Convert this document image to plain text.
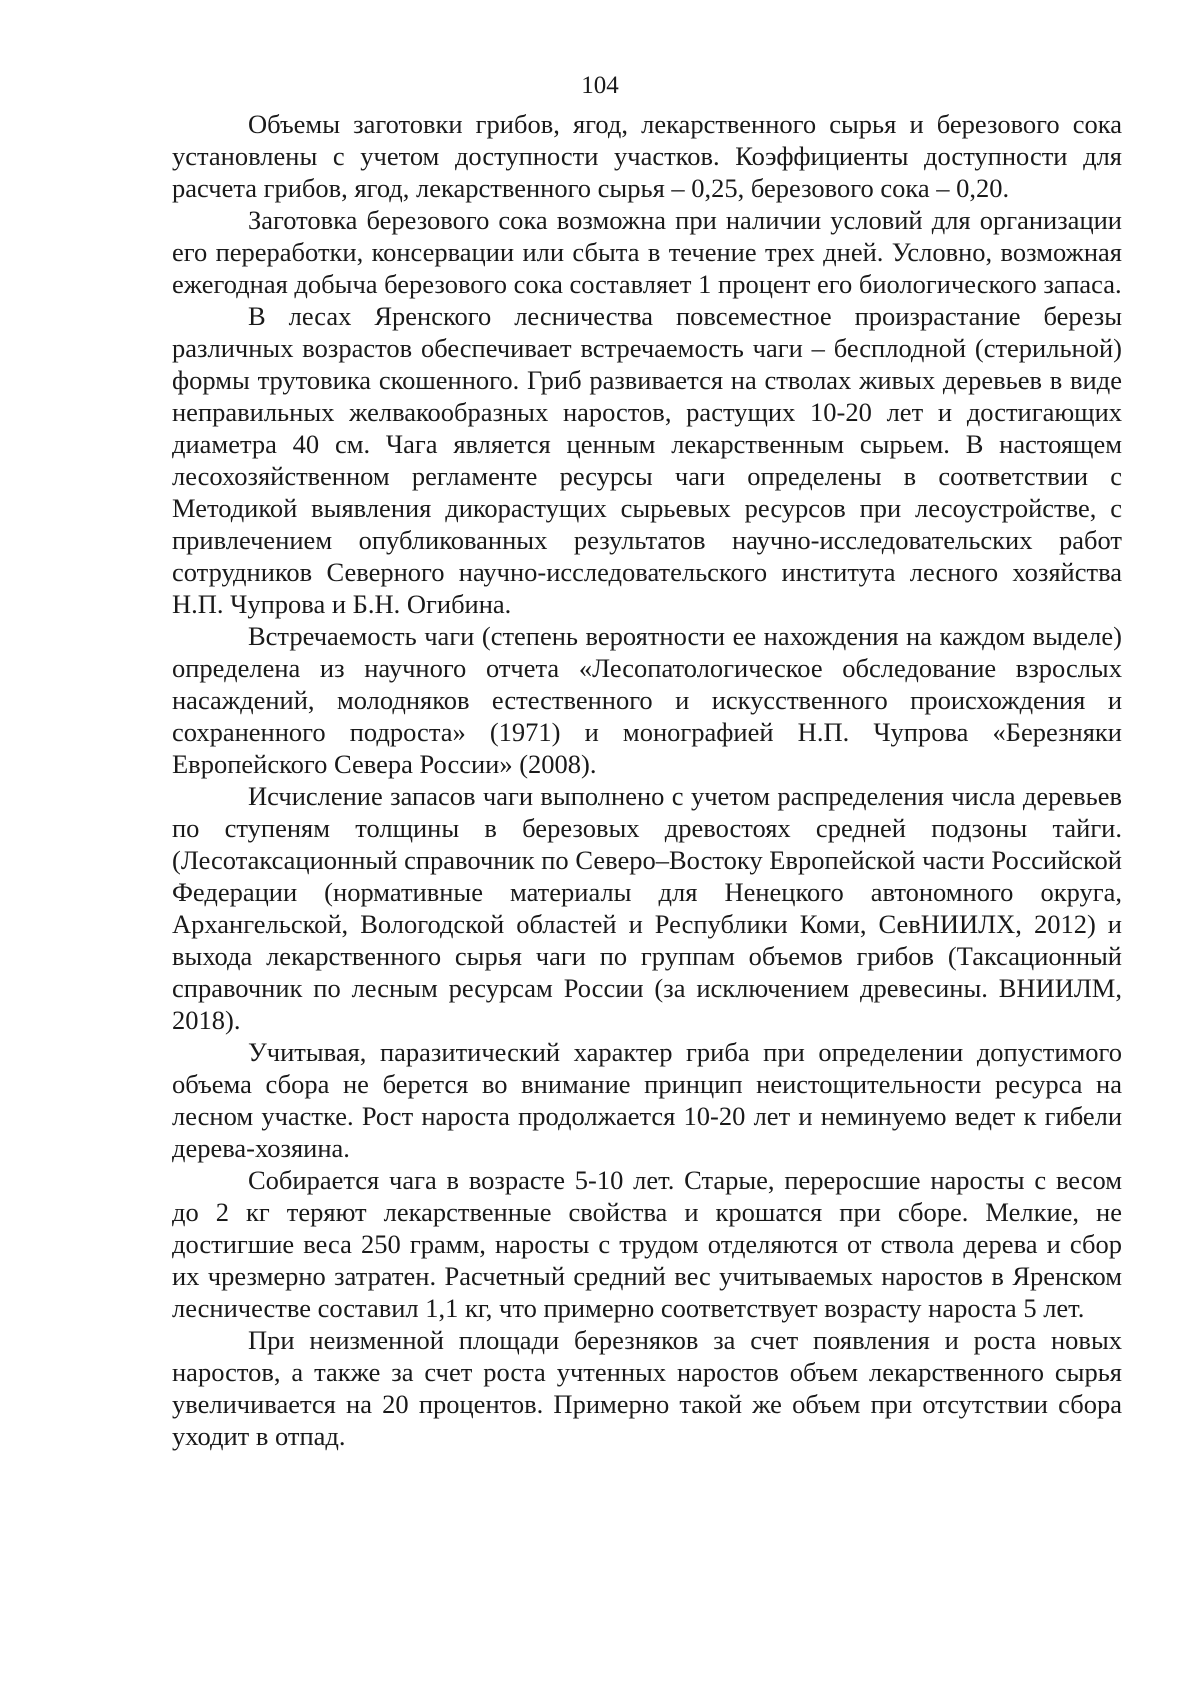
104

Объемы заготовки грибов, ягод, лекарственного сырья и березового сока установлены с учетом доступности участков. Коэффициенты доступности для расчета грибов, ягод, лекарственного сырья – 0,25, березового сока – 0,20.

Заготовка березового сока возможна при наличии условий для организации его переработки, консервации или сбыта в течение трех дней. Условно, возможная ежегодная добыча березового сока составляет 1 процент его биологического запаса.

В лесах Яренского лесничества повсеместное произрастание березы различных возрастов обеспечивает встречаемость чаги – бесплодной (стерильной) формы трутовика скошенного. Гриб развивается на стволах живых деревьев в виде неправильных желвакообразных наростов, растущих 10-20 лет и достигающих диаметра 40 см. Чага является ценным лекарственным сырьем. В настоящем лесохозяйственном регламенте ресурсы чаги определены в соответствии с Методикой выявления дикорастущих сырьевых ресурсов при лесоустройстве, с привлечением опубликованных результатов научно-исследовательских работ сотрудников Северного научно-исследовательского института лесного хозяйства Н.П. Чупрова и Б.Н. Огибина.

Встречаемость чаги (степень вероятности ее нахождения на каждом выделе) определена из научного отчета «Лесопатологическое обследование взрослых насаждений, молодняков естественного и искусственного происхождения и сохраненного подроста» (1971) и монографией Н.П. Чупрова «Березняки Европейского Севера России» (2008).

Исчисление запасов чаги выполнено с учетом распределения числа деревьев по ступеням толщины в березовых древостоях средней подзоны тайги. (Лесотаксационный справочник по Северо–Востоку Европейской части Российской Федерации (нормативные материалы для Ненецкого автономного округа, Архангельской, Вологодской областей и Республики Коми, СевНИИЛХ, 2012) и выхода лекарственного сырья чаги по группам объемов грибов (Таксационный справочник по лесным ресурсам России (за исключением древесины. ВНИИЛМ, 2018).

Учитывая, паразитический характер гриба при определении допустимого объема сбора не берется во внимание принцип неистощительности ресурса на лесном участке. Рост нароста продолжается 10-20 лет и неминуемо ведет к гибели дерева-хозяина.

Собирается чага в возрасте 5-10 лет. Старые, переросшие наросты с весом до 2 кг теряют лекарственные свойства и крошатся при сборе. Мелкие, не достигшие веса 250 грамм, наросты с трудом отделяются от ствола дерева и сбор их чрезмерно затратен. Расчетный средний вес учитываемых наростов в Яренском лесничестве составил 1,1 кг, что примерно соответствует возрасту нароста 5 лет.

При неизменной площади березняков за счет появления и роста новых наростов, а также за счет роста учтенных наростов объем лекарственного сырья увеличивается на 20 процентов. Примерно такой же объем при отсутствии сбора уходит в отпад.
